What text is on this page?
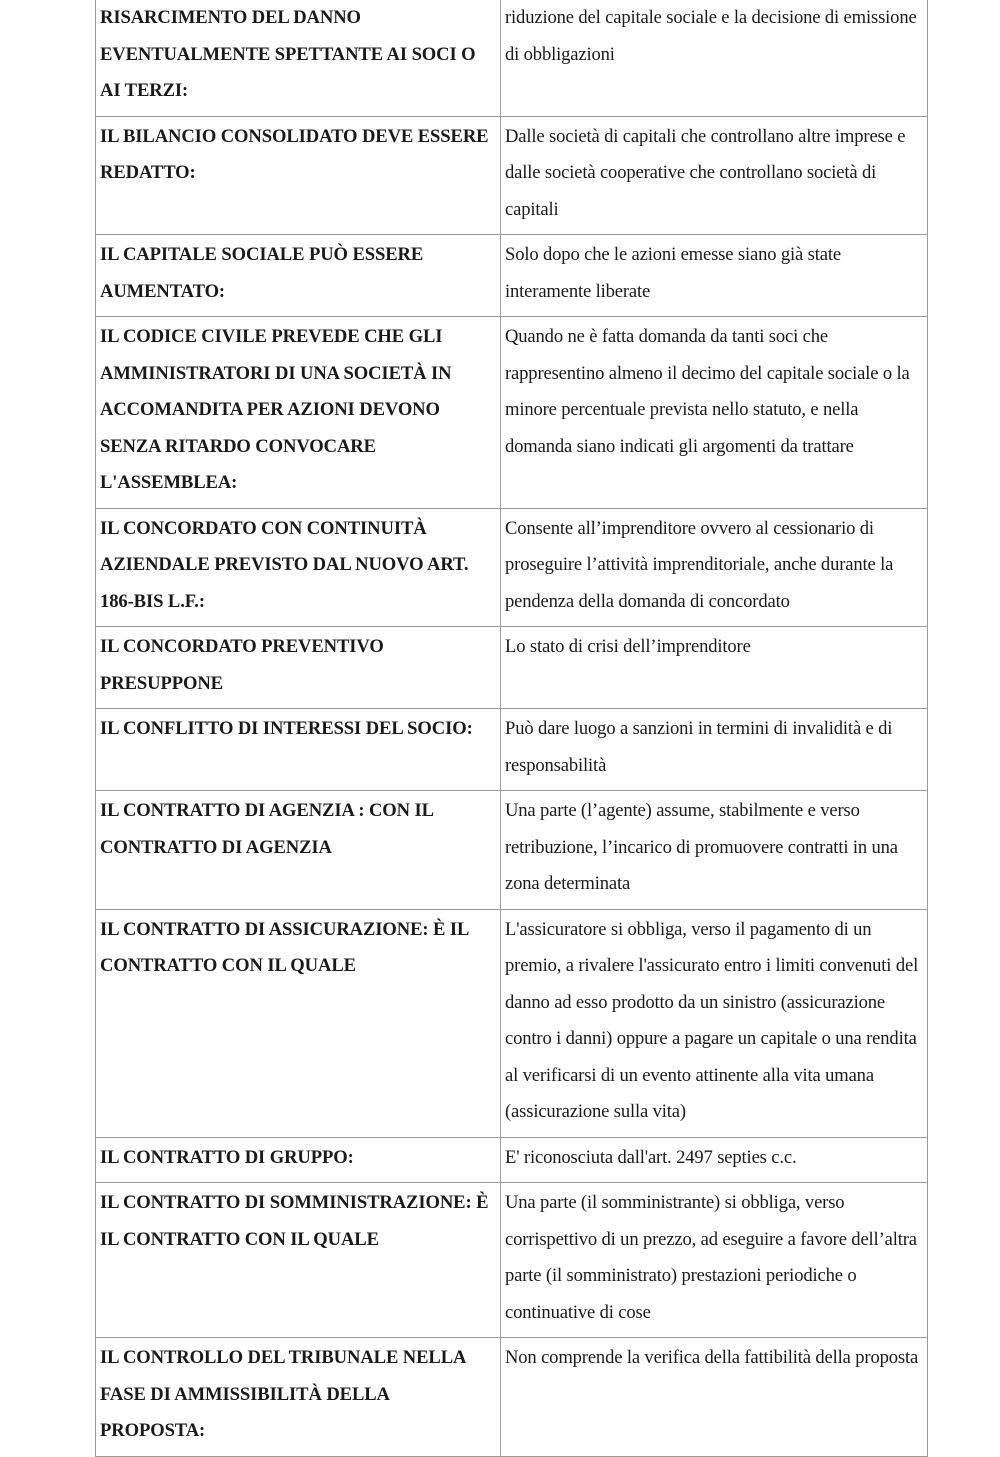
RISARCIMENTO DEL DANNO EVENTUALMENTE SPETTANTE AI SOCI O AI TERZI:	riduzione del capitale sociale e la decisione di emissione di obbligazioni
IL BILANCIO CONSOLIDATO DEVE ESSERE REDATTO:	Dalle società di capitali che controllano altre imprese e dalle società cooperative che controllano società di capitali
IL CAPITALE SOCIALE PUÒ ESSERE AUMENTATO:	Solo dopo che le azioni emesse siano già state interamente liberate
IL CODICE CIVILE PREVEDE CHE GLI AMMINISTRATORI DI UNA SOCIETÀ IN ACCOMANDITA PER AZIONI DEVONO SENZA RITARDO CONVOCARE L'ASSEMBLEA:	Quando ne è fatta domanda da tanti soci che rappresentino almeno il decimo del capitale sociale o la minore percentuale prevista nello statuto, e nella domanda siano indicati gli argomenti da trattare
IL CONCORDATO CON CONTINUITÀ AZIENDALE PREVISTO DAL NUOVO ART. 186-BIS L.F.:	Consente all’imprenditore ovvero al cessionario di proseguire l’attività imprenditoriale, anche durante la pendenza della domanda di concordato
IL CONCORDATO PREVENTIVO PRESUPPONE	Lo stato di crisi dell’imprenditore
IL CONFLITTO DI INTERESSI DEL SOCIO:	Può dare luogo a sanzioni in termini di invalidità e di responsabilità
IL CONTRATTO DI AGENZIA : CON IL CONTRATTO DI AGENZIA	Una parte (l’agente) assume, stabilmente e verso retribuzione, l’incarico di promuovere contratti in una zona determinata
IL CONTRATTO DI ASSICURAZIONE: È IL CONTRATTO CON IL QUALE	L'assicuratore si obbliga, verso il pagamento di un premio, a rivalere l'assicurato entro i limiti convenuti del danno ad esso prodotto da un sinistro (assicurazione contro i danni) oppure a pagare un capitale o una rendita al verificarsi di un evento attinente alla vita umana (assicurazione sulla vita)
IL CONTRATTO DI GRUPPO:	E' riconosciuta dall'art. 2497 septies c.c.
IL CONTRATTO DI SOMMINISTRAZIONE: È IL CONTRATTO CON IL QUALE	Una parte (il somministrante) si obbliga, verso corrispettivo di un prezzo, ad eseguire a favore dell’altra parte (il somministrato) prestazioni periodiche o continuative di cose
IL CONTROLLO DEL TRIBUNALE NELLA FASE DI AMMISSIBILITÀ DELLA PROPOSTA:	Non comprende la verifica della fattibilità della proposta
